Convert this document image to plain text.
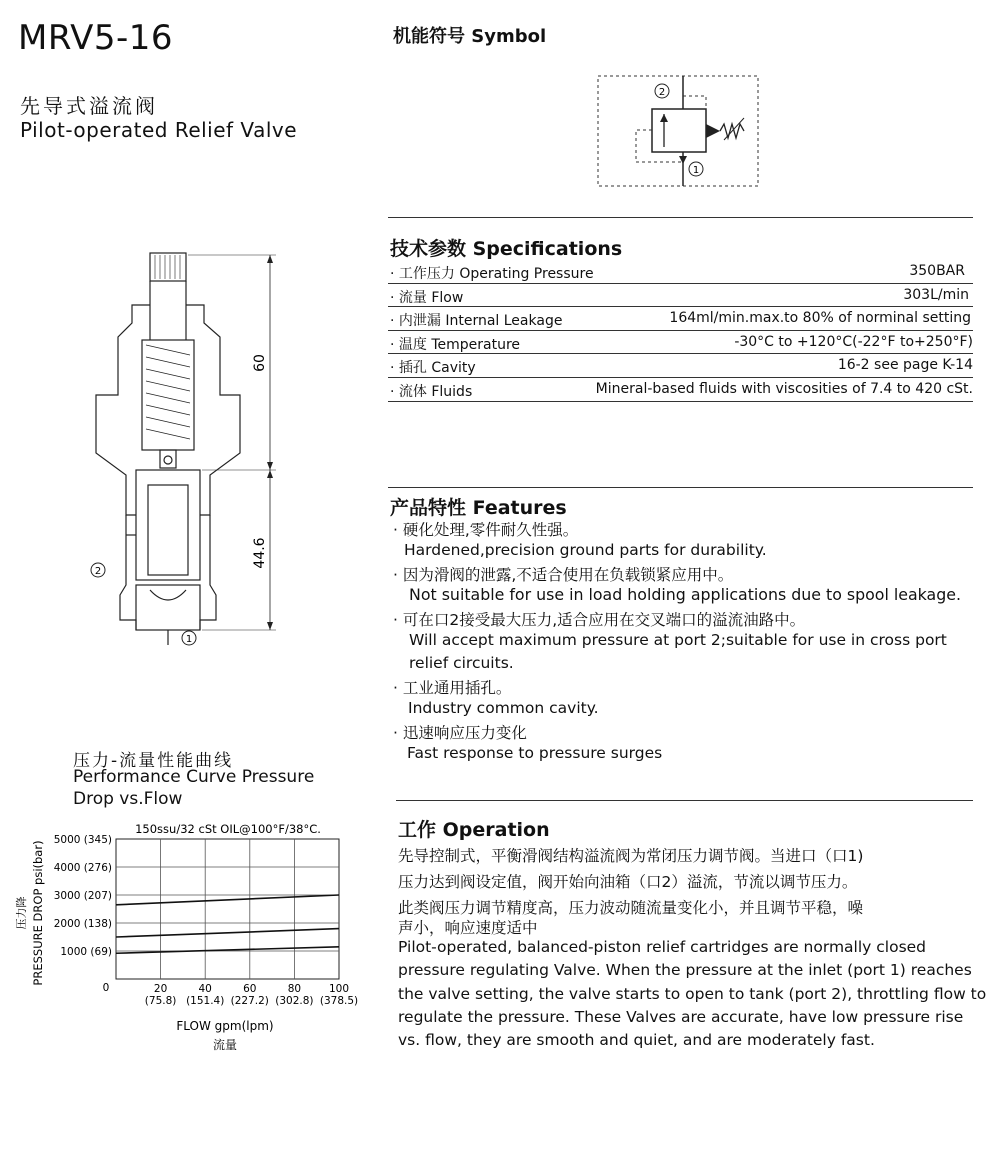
MRV5-16
先导式溢流阀
Pilot-operated Relief Valve
机能符号 Symbol
2
1
60
44.6
2
1
技术参数 Specifications
· 工作压力 Operating Pressure	350BAR
· 流量 Flow	303L/min
· 内泄漏 Internal Leakage	164ml/min.max.to 80% of norminal setting
· 温度 Temperature	-30°C to +120°C(-22°F to+250°F)
· 插孔 Cavity	16-2 see page K-14
· 流体 Fluids	Mineral-based fluids with viscosities of 7.4 to 420 cSt.
产品特性 Features
· 硬化处理,零件耐久性强。
Hardened,precision ground parts for durability.
· 因为滑阀的泄露,不适合使用在负载锁紧应用中。
Not suitable for use in load holding applications due to spool leakage.
· 可在口2接受最大压力,适合应用在交叉端口的溢流油路中。
Will accept maximum pressure at port 2;suitable for use in cross port
relief circuits.
· 工业通用插孔。
Industry common cavity.
· 迅速响应压力变化
Fast response to pressure surges
工作 Operation
先导控制式，平衡滑阀结构溢流阀为常闭压力调节阀。当进口（口1)
压力达到阀设定值，阀开始向油箱（口2）溢流，节流以调节压力。
此类阀压力调节精度高，压力波动随流量变化小，并且调节平稳，噪
声小，响应速度适中
Pilot-operated, balanced-piston relief cartridges are normally closed
pressure regulating Valve. When the pressure at the inlet (port 1) reaches
the valve setting, the valve starts to open to tank (port 2), throttling flow to
regulate the pressure. These Valves are accurate, have low pressure rise
vs. flow, they are smooth and quiet, and are moderately fast.
压力-流量性能曲线
Performance Curve Pressure
Drop vs.Flow
150ssu/32 cSt OIL@100°F/38°C.
压力降 PRESSURE DROP psi(bar)
FLOW gpm(lpm)
流量
20
(75.8)
40
(151.4)
60
(227.2)
80
(302.8)
100
(378.5)
1000 (69)
2000 (138)
3000 (207)
4000 (276)
5000 (345)
0
